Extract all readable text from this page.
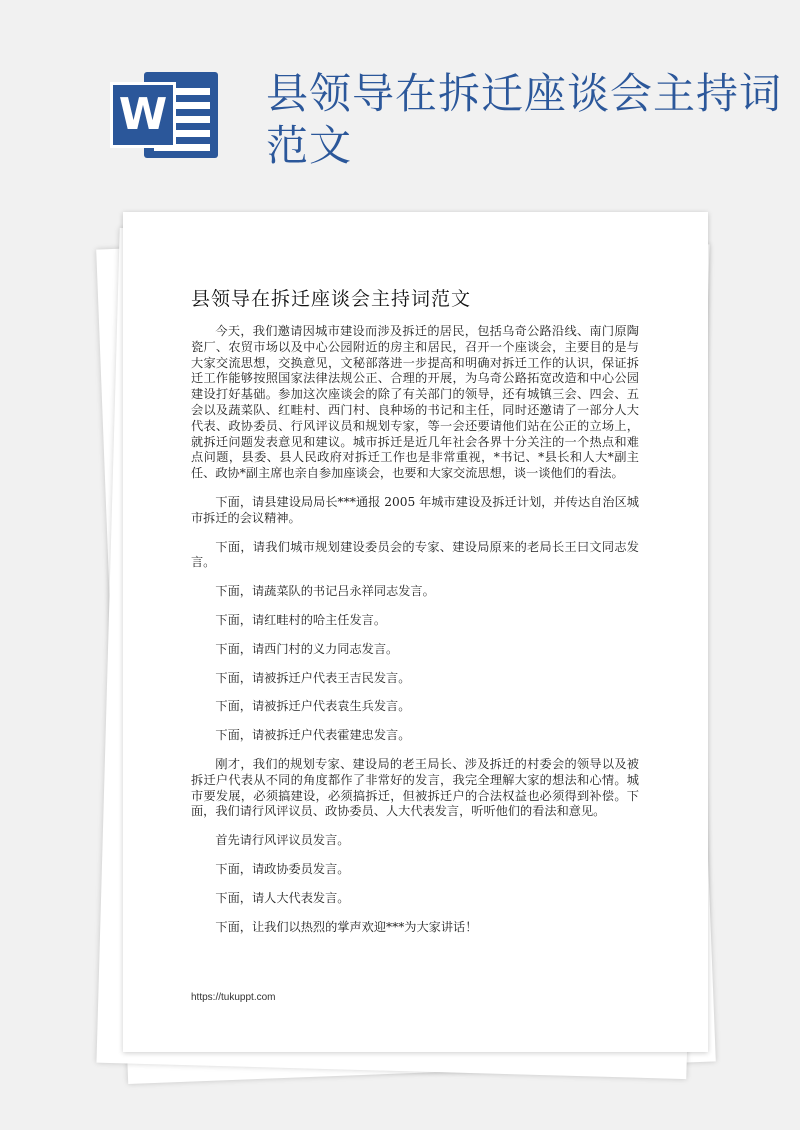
W 县领导在拆迁座谈会主持词范文
县领导在拆迁座谈会主持词范文

今天，我们邀请因城市建设而涉及拆迁的居民，包括乌奇公路沿线、南门原陶瓷厂、农贸市场以及中心公园附近的房主和居民，召开一个座谈会，主要目的是与大家交流思想，交换意见，文秘部落进一步提高和明确对拆迁工作的认识，保证拆迁工作能够按照国家法律法规公正、合理的开展，为乌奇公路拓宽改造和中心公园建设打好基础。参加这次座谈会的除了有关部门的领导，还有城镇三会、四会、五会以及蔬菜队、红畦村、西门村、良种场的书记和主任，同时还邀请了一部分人大代表、政协委员、行风评议员和规划专家，等一会还要请他们站在公正的立场上，就拆迁问题发表意见和建议。城市拆迁是近几年社会各界十分关注的一个热点和难点问题，县委、县人民政府对拆迁工作也是非常重视，*书记、*县长和人大*副主任、政协*副主席也亲自参加座谈会，也要和大家交流思想，谈一谈他们的看法。

下面，请县建设局局长***通报 2005 年城市建设及拆迁计划，并传达自治区城市拆迁的会议精神。

下面，请我们城市规划建设委员会的专家、建设局原来的老局长王曰文同志发言。

下面，请蔬菜队的书记吕永祥同志发言。

下面，请红畦村的哈主任发言。

下面，请西门村的义力同志发言。

下面，请被拆迁户代表王吉民发言。

下面，请被拆迁户代表袁生兵发言。

下面，请被拆迁户代表霍建忠发言。

刚才，我们的规划专家、建设局的老王局长、涉及拆迁的村委会的领导以及被拆迁户代表从不同的角度都作了非常好的发言，我完全理解大家的想法和心情。城市要发展，必须搞建设，必须搞拆迁，但被拆迁户的合法权益也必须得到补偿。下面，我们请行风评议员、政协委员、人大代表发言，听听他们的看法和意见。

首先请行风评议员发言。

下面，请政协委员发言。

下面，请人大代表发言。

下面，让我们以热烈的掌声欢迎***为大家讲话！

https://tukuppt.com
